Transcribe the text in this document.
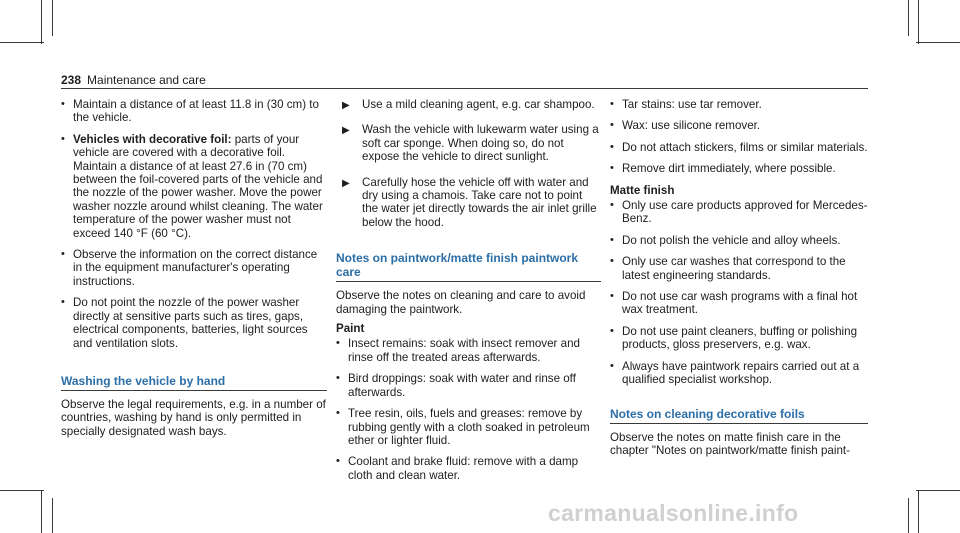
238 Maintenance and care
• Maintain a distance of at least 11.8 in (30 cm) to the vehicle.
• Vehicles with decorative foil: parts of your vehicle are covered with a decorative foil. Maintain a distance of at least 27.6 in (70 cm) between the foil-covered parts of the vehicle and the nozzle of the power washer. Move the power washer nozzle around whilst cleaning. The water temperature of the power washer must not exceed 140 °F (60 °C).
• Observe the information on the correct distance in the equipment manufacturer's operating instructions.
• Do not point the nozzle of the power washer directly at sensitive parts such as tires, gaps, electrical components, batteries, light sources and ventilation slots.
Washing the vehicle by hand

Observe the legal requirements, e.g. in a number of countries, washing by hand is only permitted in specially designated wash bays.

▶ Use a mild cleaning agent, e.g. car shampoo.
▶ Wash the vehicle with lukewarm water using a soft car sponge. When doing so, do not expose the vehicle to direct sunlight.
▶ Carefully hose the vehicle off with water and dry using a chamois. Take care not to point the water jet directly towards the air inlet grille below the hood.
Notes on paintwork/matte finish paintwork care

Observe the notes on cleaning and care to avoid damaging the paintwork.

Paint
• Insect remains: soak with insect remover and rinse off the treated areas afterwards.
• Bird droppings: soak with water and rinse off afterwards.
• Tree resin, oils, fuels and greases: remove by rubbing gently with a cloth soaked in petroleum ether or lighter fluid.
• Coolant and brake fluid: remove with a damp cloth and clean water.
• Tar stains: use tar remover.
• Wax: use silicone remover.
• Do not attach stickers, films or similar materials.
• Remove dirt immediately, where possible.
Matte finish
• Only use care products approved for Mercedes-Benz.
• Do not polish the vehicle and alloy wheels.
• Only use car washes that correspond to the latest engineering standards.
• Do not use car wash programs with a final hot wax treatment.
• Do not use paint cleaners, buffing or polishing products, gloss preservers, e.g. wax.
• Always have paintwork repairs carried out at a qualified specialist workshop.
Notes on cleaning decorative foils

Observe the notes on matte finish care in the chapter "Notes on paintwork/matte finish paint-

carmanualsonline.info
